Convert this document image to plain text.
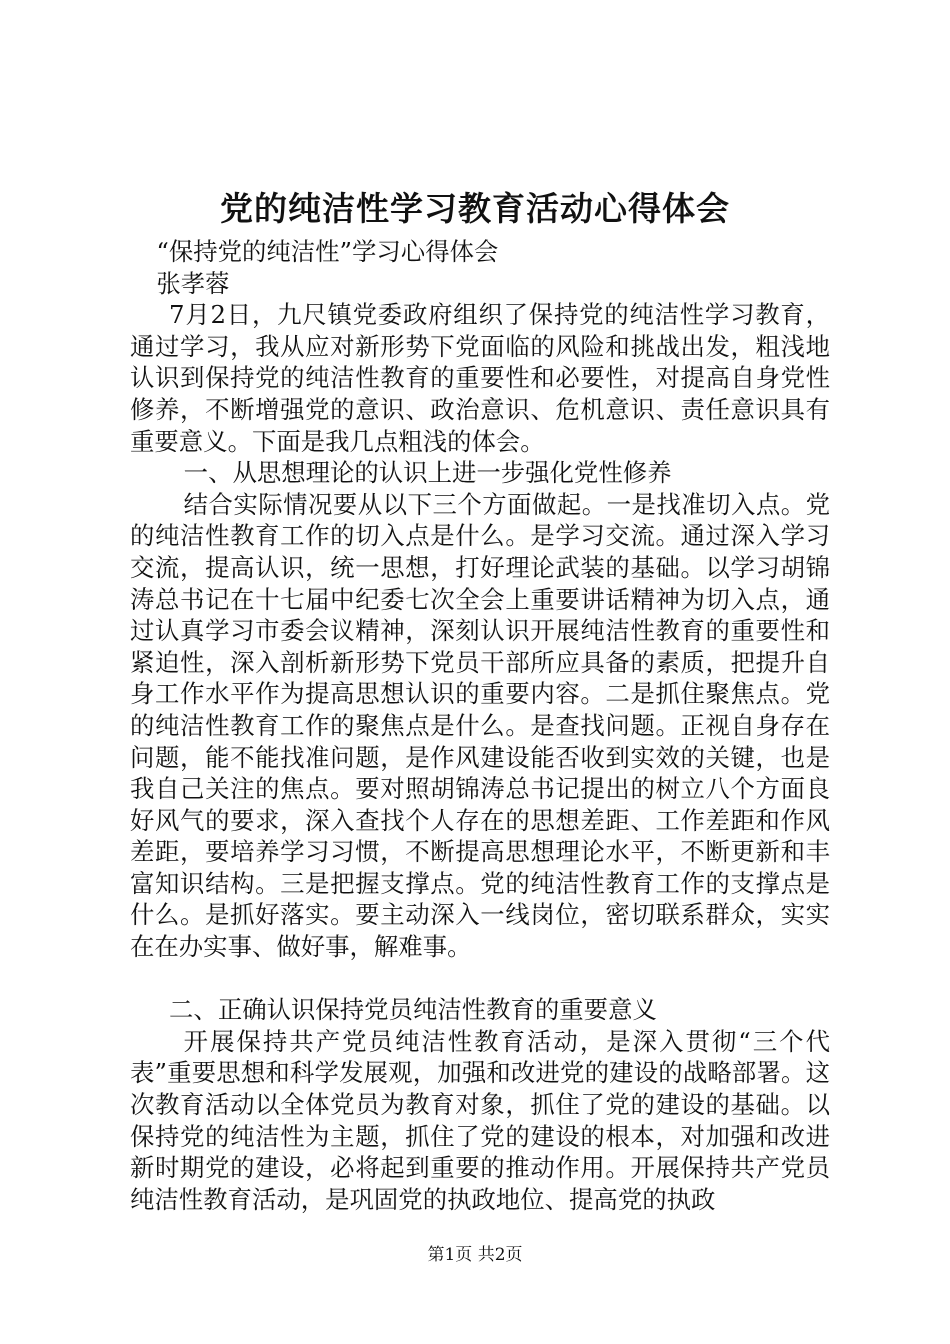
党的纯洁性学习教育活动心得体会

“保持党的纯洁性”学习心得体会

张孝蓉

7月2日，九尺镇党委政府组织了保持党的纯洁性学习教育，通过学习，我从应对新形势下党面临的风险和挑战出发，粗浅地认识到保持党的纯洁性教育的重要性和必要性，对提高自身党性修养，不断增强党的意识、政治意识、危机意识、责任意识具有重要意义。下面是我几点粗浅的体会。

一、从思想理论的认识上进一步强化党性修养

结合实际情况要从以下三个方面做起。一是找准切入点。党的纯洁性教育工作的切入点是什么。是学习交流。通过深入学习交流，提高认识，统一思想，打好理论武装的基础。以学习胡锦涛总书记在十七届中纪委七次全会上重要讲话精神为切入点，通过认真学习市委会议精神，深刻认识开展纯洁性教育的重要性和紧迫性，深入剖析新形势下党员干部所应具备的素质，把提升自身工作水平作为提高思想认识的重要内容。二是抓住聚焦点。党的纯洁性教育工作的聚焦点是什么。是查找问题。正视自身存在问题，能不能找准问题，是作风建设能否收到实效的关键，也是我自己关注的焦点。要对照胡锦涛总书记提出的树立八个方面良好风气的要求，深入查找个人存在的思想差距、工作差距和作风差距，要培养学习习惯，不断提高思想理论水平，不断更新和丰富知识结构。三是把握支撑点。党的纯洁性教育工作的支撑点是什么。是抓好落实。要主动深入一线岗位，密切联系群众，实实在在办实事、做好事，解难事。

二、正确认识保持党员纯洁性教育的重要意义

开展保持共产党员纯洁性教育活动，是深入贯彻“三个代表”重要思想和科学发展观，加强和改进党的建设的战略部署。这次教育活动以全体党员为教育对象，抓住了党的建设的基础。以保持党的纯洁性为主题，抓住了党的建设的根本，对加强和改进新时期党的建设，必将起到重要的推动作用。开展保持共产党员纯洁性教育活动，是巩固党的执政地位、提高党的执政

第1页 共2页
